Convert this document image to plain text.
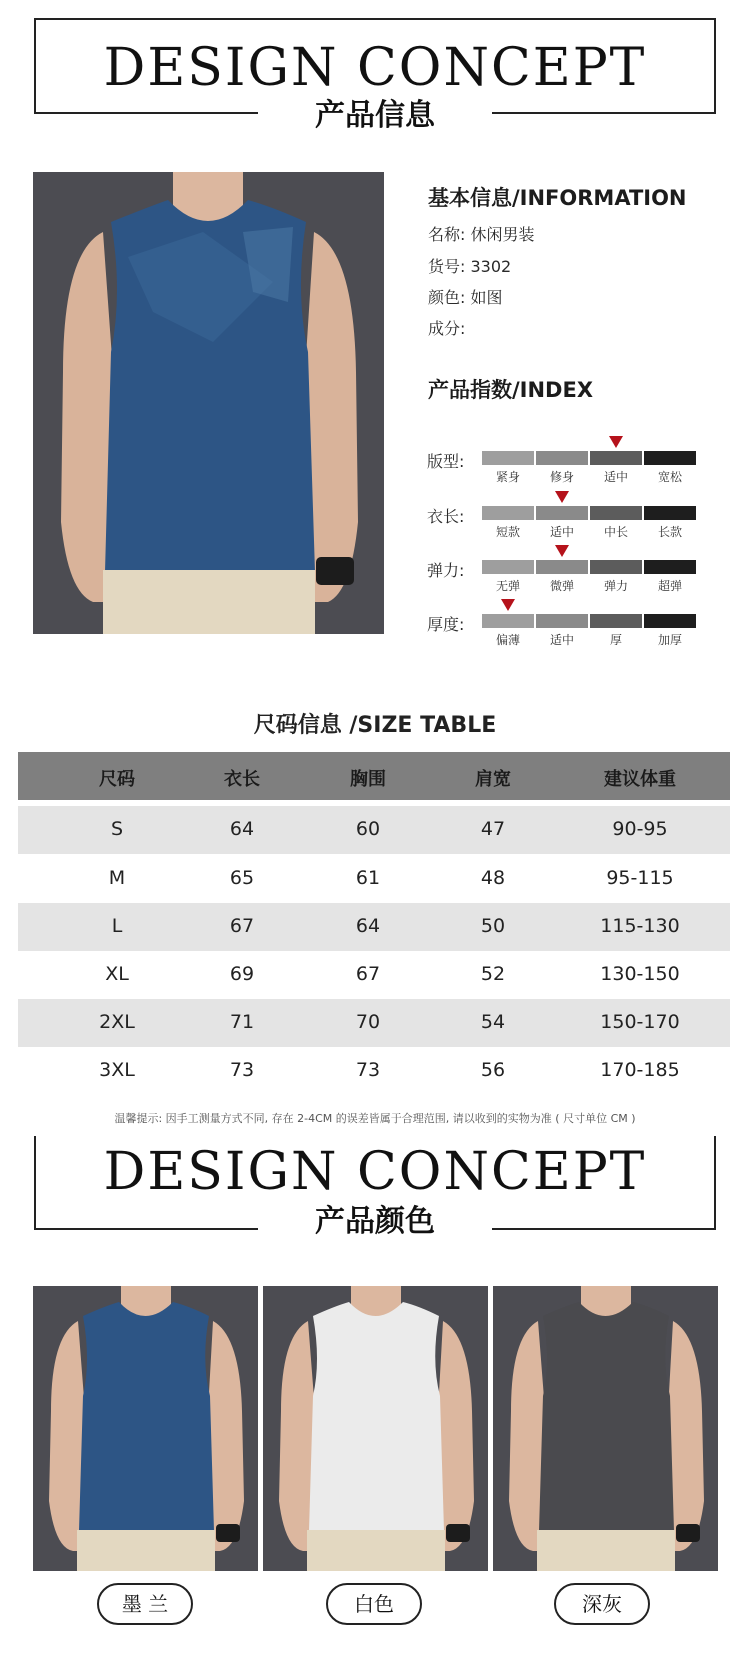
DESIGN CONCEPT
产品信息
基本信息/INFORMATION
名称: 休闲男装
货号: 3302
颜色: 如图
成分:
产品指数/INDEX
版型:
紧身	修身	适中	宽松
衣长:
短款	适中	中长	长款
弹力:
无弹	微弹	弹力	超弹
厚度:
偏薄	适中	厚	加厚
尺码信息 /SIZE TABLE
尺码	衣长	胸围	肩宽	建议体重
S	64	60	47	90-95
M	65	61	48	95-115
L	67	64	50	115-130
XL	69	67	52	130-150
2XL	71	70	54	150-170
3XL	73	73	56	170-185
温馨提示: 因手工测量方式不同, 存在 2-4CM 的误差皆属于合理范围, 请以收到的实物为准 ( 尺寸单位 CM )
DESIGN CONCEPT
产品颜色
墨 兰	白色	深灰
